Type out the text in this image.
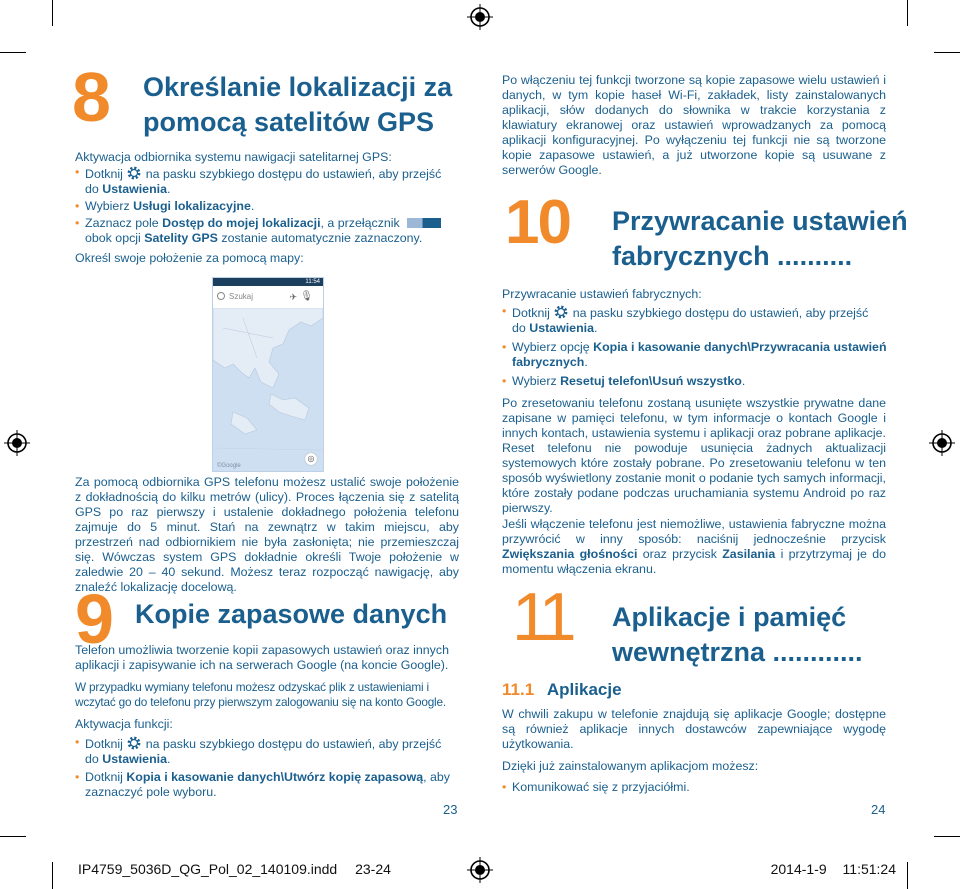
8 Określanie lokalizacji za
pomocą satelitów GPS
Aktywacja odbiornika systemu nawigacji satelitarnej GPS:
• Dotknij na pasku szybkiego dostępu do ustawień, aby przejść
do Ustawienia.
• Wybierz Usługi lokalizacyjne.
• Zaznacz pole Dostęp do mojej lokalizacji, a przełącznik
obok opcji Satelity GPS zostanie automatycznie zaznaczony.
Określ swoje położenie za pomocą mapy:
11:54
Szukaj	✈ 🎙
©Google
◎
Za pomocą odbiornika GPS telefonu możesz ustalić swoje położenie z dokładnością do kilku metrów (ulicy). Proces łączenia się z satelitą GPS po raz pierwszy i ustalenie dokładnego położenia telefonu zajmuje do 5 minut. Stań na zewnątrz w takim miejscu, aby przestrzeń nad odbiornikiem nie była zasłonięta; nie przemieszczaj się. Wówczas system GPS dokładnie określi Twoje położenie w zaledwie 20 – 40 sekund. Możesz teraz rozpocząć nawigację, aby znaleźć lokalizację docelową.
9 Kopie zapasowe danych
Telefon umożliwia tworzenie kopii zapasowych ustawień oraz innych aplikacji i zapisywanie ich na serwerach Google (na koncie Google).
W przypadku wymiany telefonu możesz odzyskać plik z ustawieniami i wczytać go do telefonu przy pierwszym zalogowaniu się na konto Google.
Aktywacja funkcji:
• Dotknij na pasku szybkiego dostępu do ustawień, aby przejść
do Ustawienia.
• Dotknij Kopia i kasowanie danych\Utwórz kopię zapasową, aby
zaznaczyć pole wyboru.
23
Po włączeniu tej funkcji tworzone są kopie zapasowe wielu ustawień i danych, w tym kopie haseł Wi-Fi, zakładek, listy zainstalowanych aplikacji, słów dodanych do słownika w trakcie korzystania z klawiatury ekranowej oraz ustawień wprowadzanych za pomocą aplikacji konfiguracyjnej. Po wyłączeniu tej funkcji nie są tworzone kopie zapasowe ustawień, a już utworzone kopie są usuwane z serwerów Google.
10 Przywracanie ustawień
fabrycznych ..........
Przywracanie ustawień fabrycznych:
• Dotknij na pasku szybkiego dostępu do ustawień, aby przejść
do Ustawienia.
• Wybierz opcję Kopia i kasowanie danych\Przywracania ustawień
fabrycznych.
• Wybierz Resetuj telefon\Usuń wszystko.
Po zresetowaniu telefonu zostaną usunięte wszystkie prywatne dane zapisane w pamięci telefonu, w tym informacje o kontach Google i innych kontach, ustawienia systemu i aplikacji oraz pobrane aplikacje. Reset telefonu nie powoduje usunięcia żadnych aktualizacji systemowych które zostały pobrane. Po zresetowaniu telefonu w ten sposób wyświetlony zostanie monit o podanie tych samych informacji, które zostały podane podczas uruchamiania systemu Android po raz pierwszy.
Jeśli włączenie telefonu jest niemożliwe, ustawienia fabryczne można przywrócić w inny sposób: naciśnij jednocześnie przycisk Zwiększania głośności oraz przycisk Zasilania i przytrzymaj je do momentu włączenia ekranu.
11 Aplikacje i pamięć
wewnętrzna ............
11.1 Aplikacje
W chwili zakupu w telefonie znajdują się aplikacje Google; dostępne są również aplikacje innych dostawców zapewniające wygodę użytkowania.
Dzięki już zainstalowanym aplikacjom możesz:
• Komunikować się z przyjaciółmi.
24
IP4759_5036D_QG_Pol_02_140109.indd 23-24	2014-1-9 11:51:24
